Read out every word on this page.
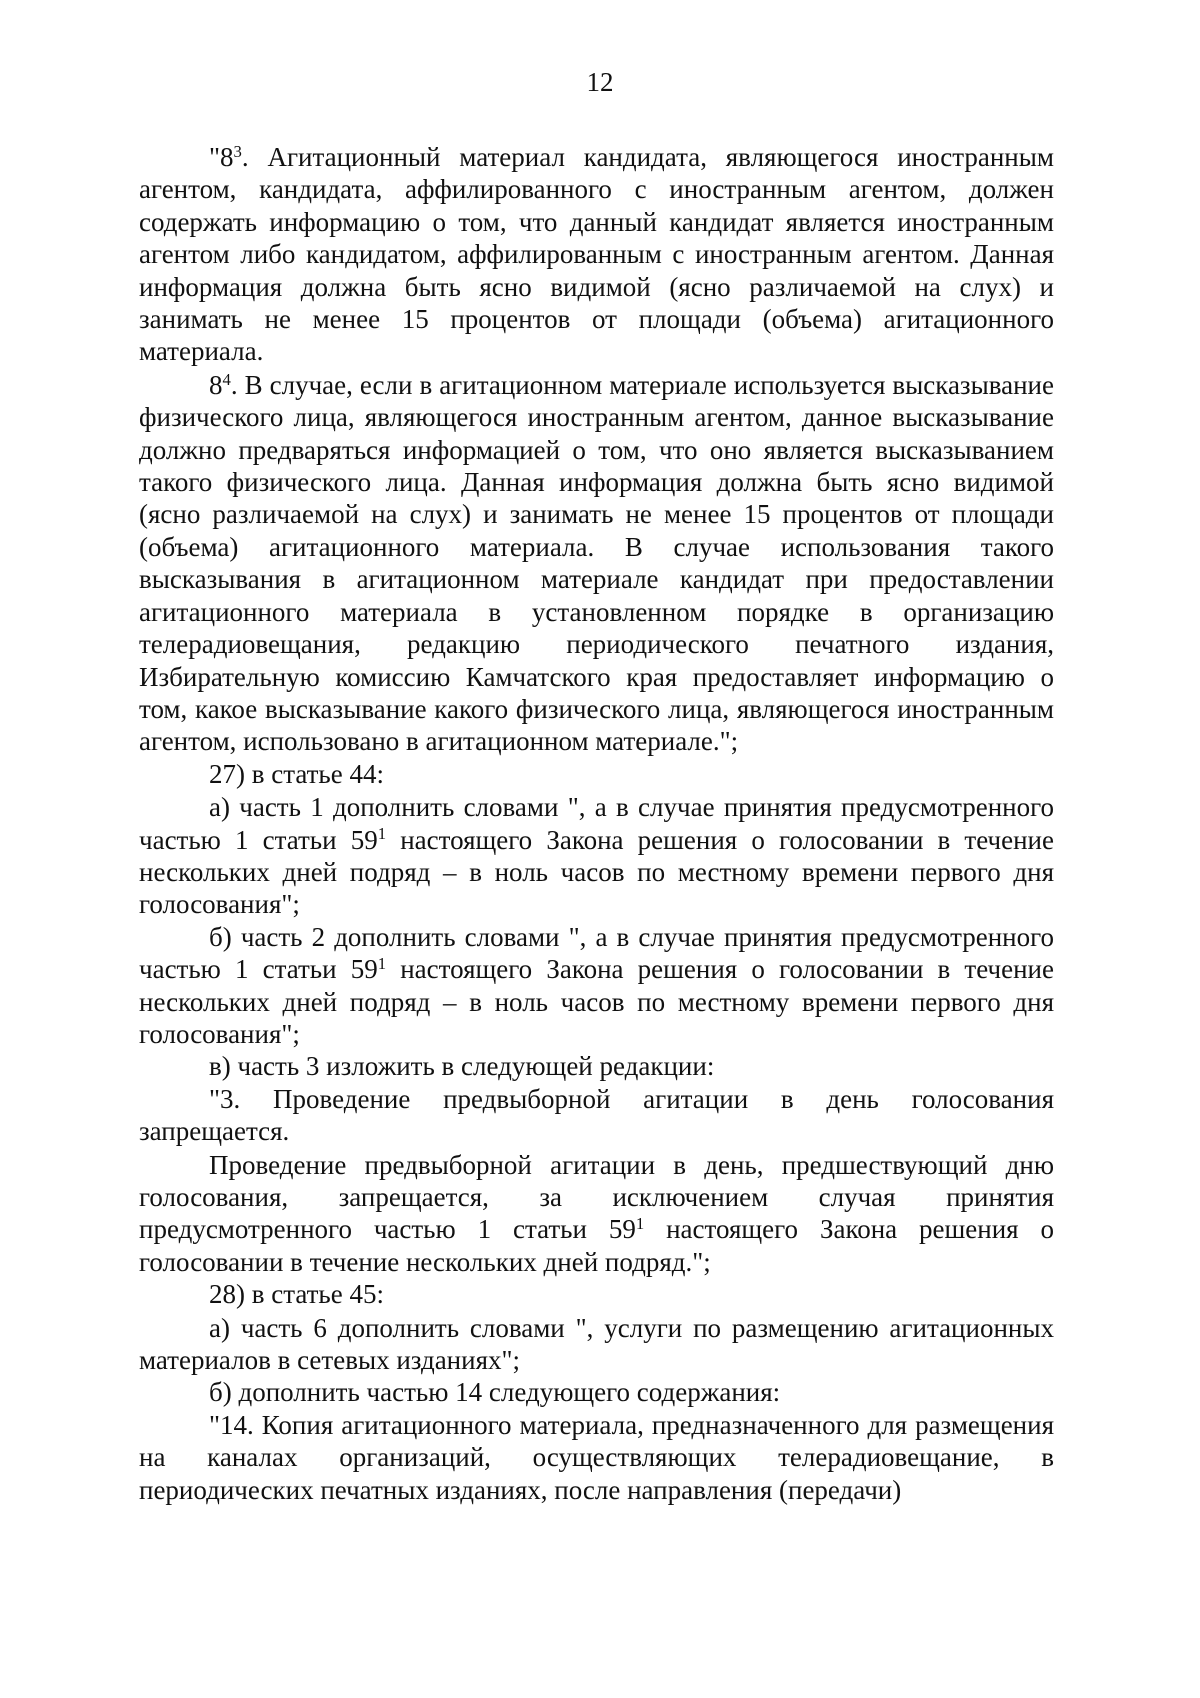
12

"$8^3$. Агитационный материал кандидата, являющегося иностранным агентом, кандидата, аффилированного с иностранным агентом, должен содержать информацию о том, что данный кандидат является иностранным агентом либо кандидатом, аффилированным с иностранным агентом. Данная информация должна быть ясно видимой (ясно различаемой на слух) и занимать не менее 15 процентов от площади (объема) агитационного материала.

$8^4$. В случае, если в агитационном материале используется высказывание физического лица, являющегося иностранным агентом, данное высказывание должно предваряться информацией о том, что оно является высказыванием такого физического лица. Данная информация должна быть ясно видимой (ясно различаемой на слух) и занимать не менее 15 процентов от площади (объема) агитационного материала. В случае использования такого высказывания в агитационном материале кандидат при предоставлении агитационного материала в установленном порядке в организацию телерадиовещания, редакцию периодического печатного издания, Избирательную комиссию Камчатского края предоставляет информацию о том, какое высказывание какого физического лица, являющегося иностранным агентом, использовано в агитационном материале.";

27) в статье 44:

а) часть 1 дополнить словами ", а в случае принятия предусмотренного частью 1 статьи $59^1$ настоящего Закона решения о голосовании в течение нескольких дней подряд – в ноль часов по местному времени первого дня голосования";

б) часть 2 дополнить словами ", а в случае принятия предусмотренного частью 1 статьи $59^1$ настоящего Закона решения о голосовании в течение нескольких дней подряд – в ноль часов по местному времени первого дня голосования";

в) часть 3 изложить в следующей редакции:

"3. Проведение предвыборной агитации в день голосования запрещается.

Проведение предвыборной агитации в день, предшествующий дню голосования, запрещается, за исключением случая принятия предусмотренного частью 1 статьи $59^1$ настоящего Закона решения о голосовании в течение нескольких дней подряд.";

28) в статье 45:

а) часть 6 дополнить словами ", услуги по размещению агитационных материалов в сетевых изданиях";

б) дополнить частью 14 следующего содержания:

"14. Копия агитационного материала, предназначенного для размещения на каналах организаций, осуществляющих телерадиовещание, в периодических печатных изданиях, после направления (передачи)
